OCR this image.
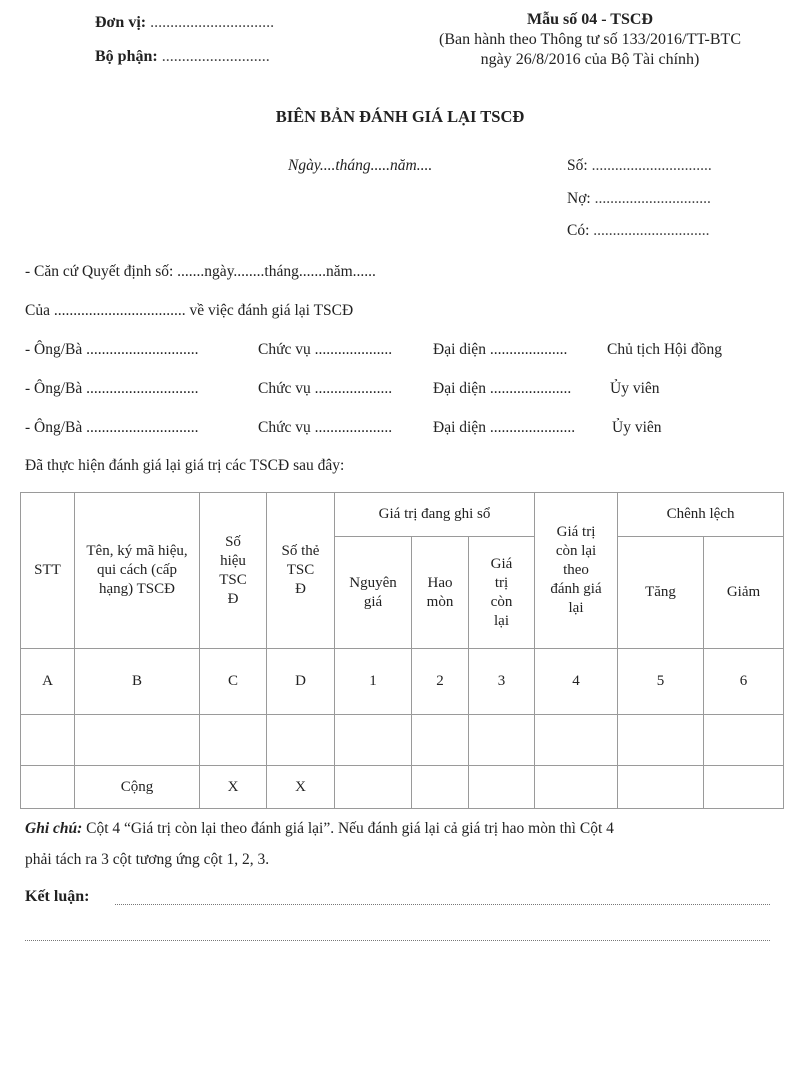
Đơn vị: ...............................
Bộ phận: ...........................
Mẫu số 04 - TSCĐ
(Ban hành theo Thông tư số 133/2016/TT-BTC
ngày 26/8/2016 của Bộ Tài chính)
BIÊN BẢN ĐÁNH GIÁ LẠI TSCĐ
Ngày....tháng.....năm....	Số: ...............................
Nợ: ..............................
Có: ..............................
- Căn cứ Quyết định số: .......ngày........tháng.......năm......
Của .................................. về việc đánh giá lại TSCĐ
- Ông/Bà .............................	Chức vụ ....................	Đại diện ....................	Chủ tịch Hội đồng
- Ông/Bà .............................	Chức vụ ....................	Đại diện .....................	Ủy viên
- Ông/Bà .............................	Chức vụ ....................	Đại diện ...................... Ủy viên
Đã thực hiện đánh giá lại giá trị các TSCĐ sau đây:
STT	Tên, ký mã hiệu, qui cách (cấp hạng) TSCĐ	Số hiệu TSC Đ	Số thẻ TSC Đ	Giá trị đang ghi sổ			Giá trị còn lại theo đánh giá lại	Chênh lệch	
				Nguyên giá	Hao mòn	Giá trị còn lại		Tăng	Giảm
A	B	C	D	1	2	3	4	5	6

	Cộng	X	X						
Ghi chú: Cột 4 “Giá trị còn lại theo đánh giá lại”. Nếu đánh giá lại cả giá trị hao mòn thì Cột 4
phải tách ra 3 cột tương ứng cột 1, 2, 3.
Kết luận:
